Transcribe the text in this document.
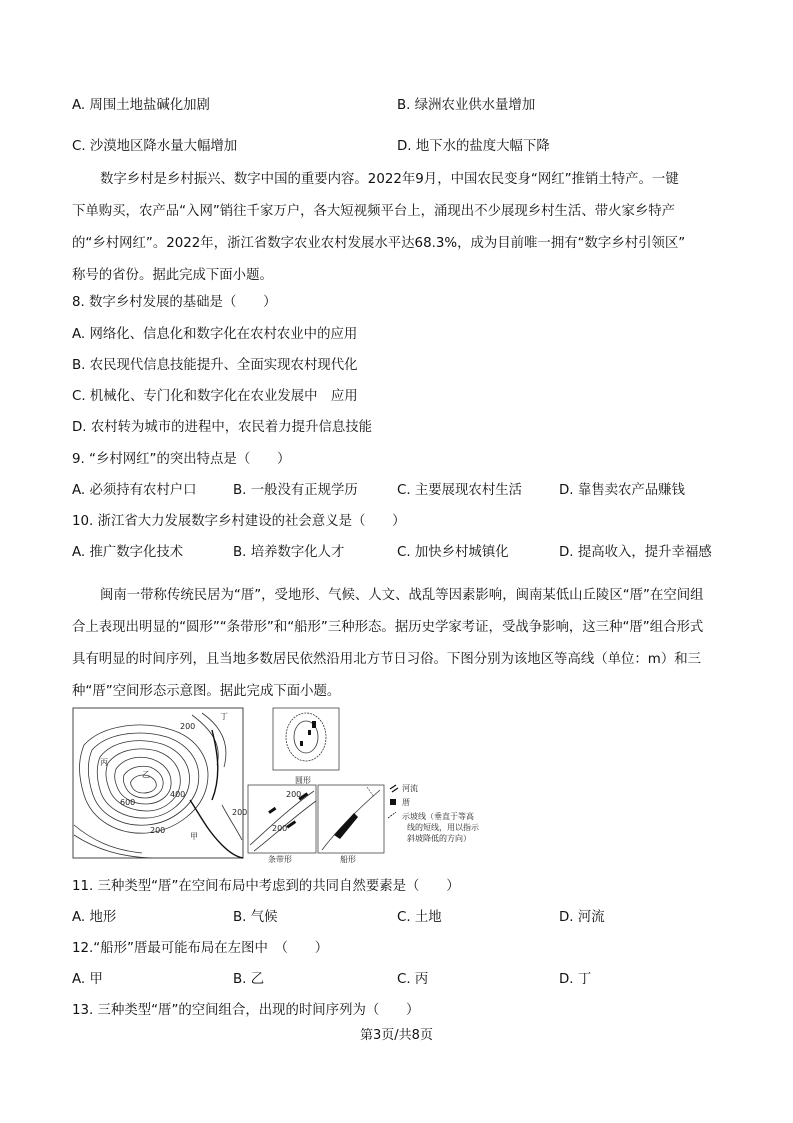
A. 周围土地盐碱化加剧	B. 绿洲农业供水量增加
C. 沙漠地区降水量大幅增加	D. 地下水的盐度大幅下降
数字乡村是乡村振兴、数字中国的重要内容。2022年9月，中国农民变身“网红”推销土特产。一键
下单购买，农产品“入网”销往千家万户，各大短视频平台上，涌现出不少展现乡村生活、带火家乡特产
的“乡村网红”。2022年，浙江省数字农业农村发展水平达68.3%，成为目前唯一拥有“数字乡村引领区”
称号的省份。据此完成下面小题。
8. 数字乡村发展的基础是（　　）
A. 网络化、信息化和数字化在农村农业中的应用
B. 农民现代信息技能提升、全面实现农村现代化
C. 机械化、专门化和数字化在农业发展中　应用
D. 农村转为城市的进程中，农民着力提升信息技能
9. “乡村网红”的突出特点是（　　）
A. 必须持有农村户口	B. 一般没有正规学历	C. 主要展现农村生活	D. 靠售卖农产品赚钱
10. 浙江省大力发展数字乡村建设的社会意义是（　　）
A. 推广数字化技术	B. 培养数字化人才	C. 加快乡村城镇化	D. 提高收入，提升幸福感
闽南一带称传统民居为“厝”，受地形、气候、人文、战乱等因素影响，闽南某低山丘陵区“厝”在空间组
合上表现出明显的“圆形”“条带形”和“船形”三种形态。据历史学家考证，受战争影响，这三种“厝”组合形式
具有明显的时间序列，且当地多数居民依然沿用北方节日习俗。下图分别为该地区等高线（单位：m）和三
种“厝”空间形态示意图。据此完成下面小题。
200
400
600
200
200
甲
乙
丙
丁
圆形
200
200
条带形	船形
河流
厝
示坡线（垂直于等高
线的短线，用以指示
斜坡降低的方向）
11. 三种类型“厝”在空间布局中考虑到的共同自然要素是（　　）
A. 地形	B. 气候	C. 土地	D. 河流
12.“船形”厝最可能布局在左图中　（　　）
A. 甲	B. 乙	C. 丙	D. 丁
13. 三种类型“厝”的空间组合，出现的时间序列为（　　）
第3页/共8页
